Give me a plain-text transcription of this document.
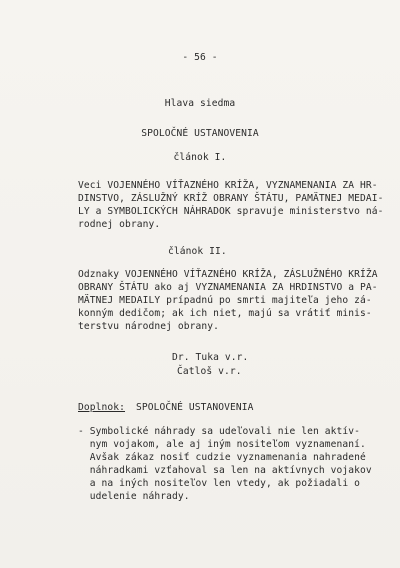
- 56 -
Hlava siedma
SPOLOČNÉ USTANOVENIA
článok I.
Veci VOJENNÉHO VÍŤAZNÉHO KRÍŽA, VYZNAMENANIA ZA HR-
DINSTVO, ZÁSLUŽNÝ KRÍŽ OBRANY ŠTÁTU, PAMÄTNEJ MEDAI-
LY a SYMBOLICKÝCH NÁHRADOK spravuje ministerstvo ná-
rodnej obrany.
článok II.
Odznaky VOJENNÉHO VÍŤAZNÉHO KRÍŽA, ZÁSLUŽNÉHO KRÍŽA
OBRANY ŠTÁTU ako aj VYZNAMENANIA ZA HRDINSTVO a PA-
MÄTNEJ MEDAILY prípadnú po smrti majiteľa jeho zá-
konným dedičom; ak ich niet, majú sa vrátiť minis-
terstvu národnej obrany.
Dr. Tuka v.r.
Čatloš v.r.
Doplnok: SPOLOČNÉ USTANOVENIA
- Symbolické náhrady sa udeľovali nie len aktív-
nym vojakom, ale aj iným nositeľom vyznamenaní.
Avšak zákaz nosiť cudzie vyznamenania nahradené
náhradkami vzťahoval sa len na aktívnych vojakov
a na iných nositeľov len vtedy, ak požiadali o
udelenie náhrady.
